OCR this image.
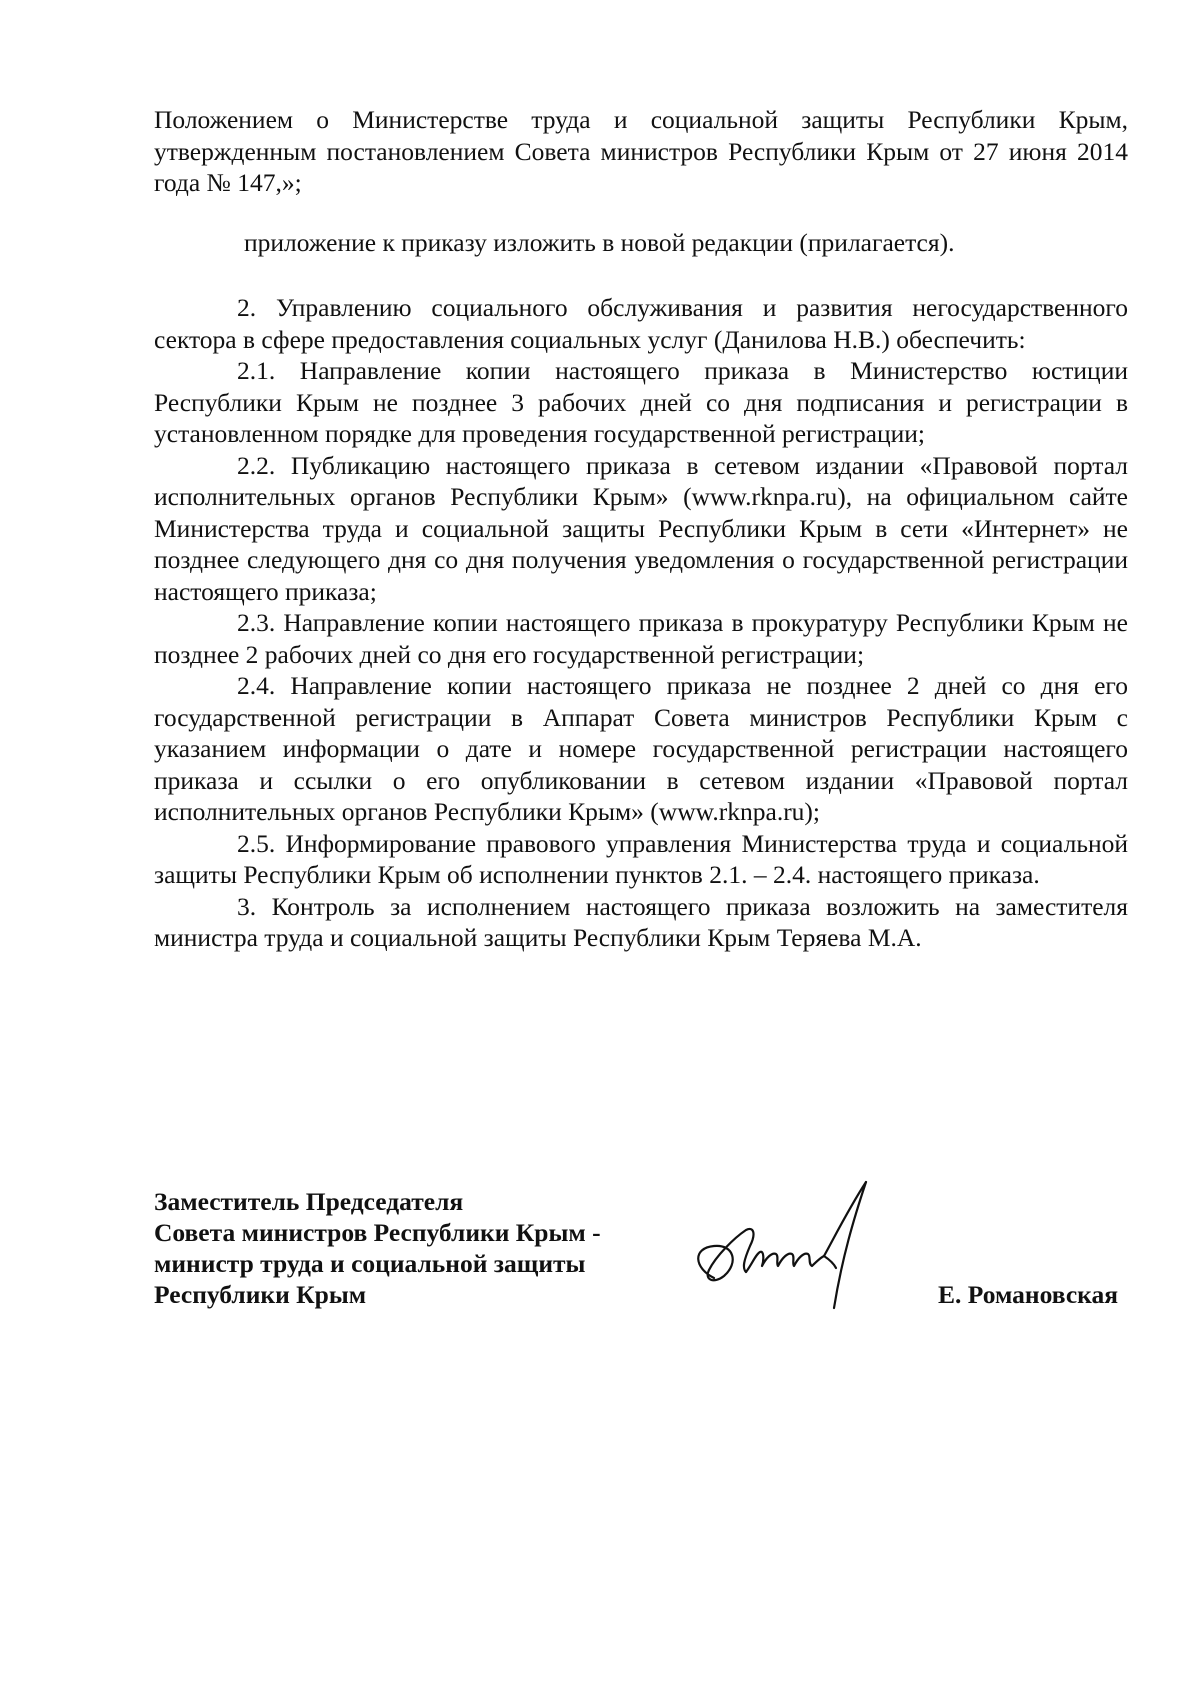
Положением о Министерстве труда и социальной защиты Республики Крым, утвержденным постановлением Совета министров Республики Крым от 27 июня 2014 года № 147,»;

приложение к приказу изложить в новой редакции (прилагается).

2. Управлению социального обслуживания и развития негосударственного сектора в сфере предоставления социальных услуг (Данилова Н.В.) обеспечить:

2.1. Направление копии настоящего приказа в Министерство юстиции Республики Крым не позднее 3 рабочих дней со дня подписания и регистрации в установленном порядке для проведения государственной регистрации;

2.2. Публикацию настоящего приказа в сетевом издании «Правовой портал исполнительных органов Республики Крым» (www.rknpa.ru), на официальном сайте Министерства труда и социальной защиты Республики Крым в сети «Интернет» не позднее следующего дня со дня получения уведомления о государственной регистрации настоящего приказа;

2.3. Направление копии настоящего приказа в прокуратуру Республики Крым не позднее 2 рабочих дней со дня его государственной регистрации;

2.4. Направление копии настоящего приказа не позднее 2 дней со дня его государственной регистрации в Аппарат Совета министров Республики Крым с указанием информации о дате и номере государственной регистрации настоящего приказа и ссылки о его опубликовании в сетевом издании «Правовой портал исполнительных органов Республики Крым» (www.rknpa.ru);

2.5. Информирование правового управления Министерства труда и социальной защиты Республики Крым об исполнении пунктов 2.1. – 2.4. настоящего приказа.

3. Контроль за исполнением настоящего приказа возложить на заместителя министра труда и социальной защиты Республики Крым Теряева М.А.

Заместитель Председателя
Совета министров Республики Крым -
министр труда и социальной защиты
Республики Крым	Е. Романовская
